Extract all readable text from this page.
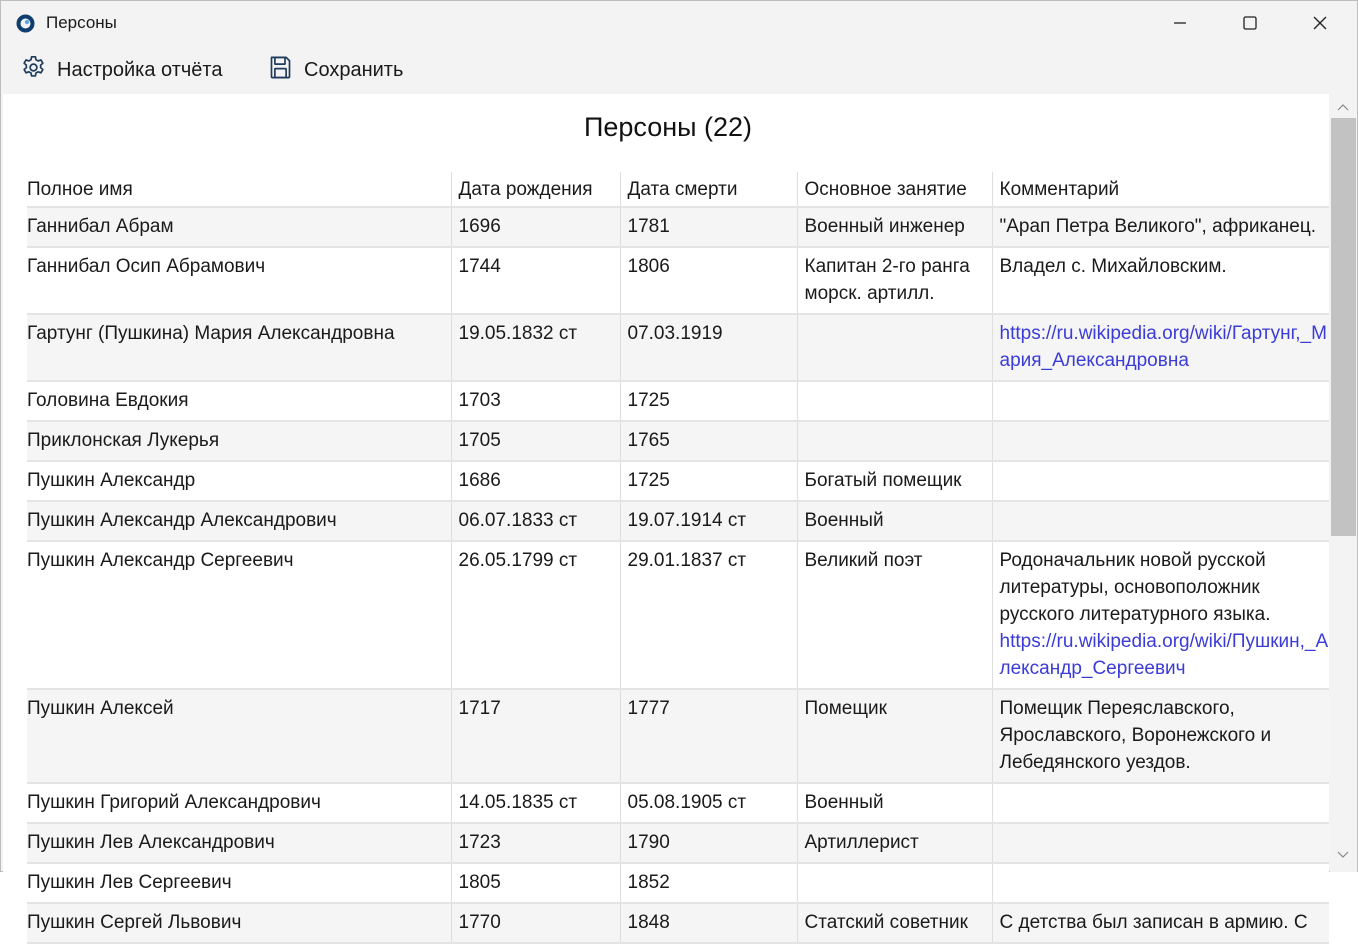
Персоны
Настройка отчёта	Сохранить
Персоны (22)
Полное имя	Дата рождения	Дата смерти	Основное занятие	Комментарий
Ганнибал Абрам	1696	1781	Военный инженер	"Арап Петра Великого", африканец.
Ганнибал Осип Абрамович	1744	1806	Капитан 2-го ранга морск. артилл.	Владел с. Михайловским.
Гартунг (Пушкина) Мария Александровна	19.05.1832 ст	07.03.1919		https://ru.wikipedia.org/wiki/Гартунг,_Мария_Александровна

Головина Евдокия	1703	1725		
Приклонская Лукерья	1705	1765		
Пушкин Александр	1686	1725	Богатый помещик	
Пушкин Александр Александрович	06.07.1833 ст	19.07.1914 ст	Военный	
Пушкин Александр Сергеевич	26.05.1799 ст	29.01.1837 ст	Великий поэт	Родоначальник новой русской литературы, основоположник русского литературного языка.
https://ru.wikipedia.org/wiki/Пушкин,_Александр_Сергеевич

Пушкин Алексей	1717	1777	Помещик	Помещик Переяславского, Ярославского, Воронежского и Лебедянского уездов.
Пушкин Григорий Александрович	14.05.1835 ст	05.08.1905 ст	Военный	
Пушкин Лев Александрович	1723	1790	Артиллерист	
Пушкин Лев Сергеевич	1805	1852		
Пушкин Сергей Львович	1770	1848	Статский советник	С детства был записан в армию. С
